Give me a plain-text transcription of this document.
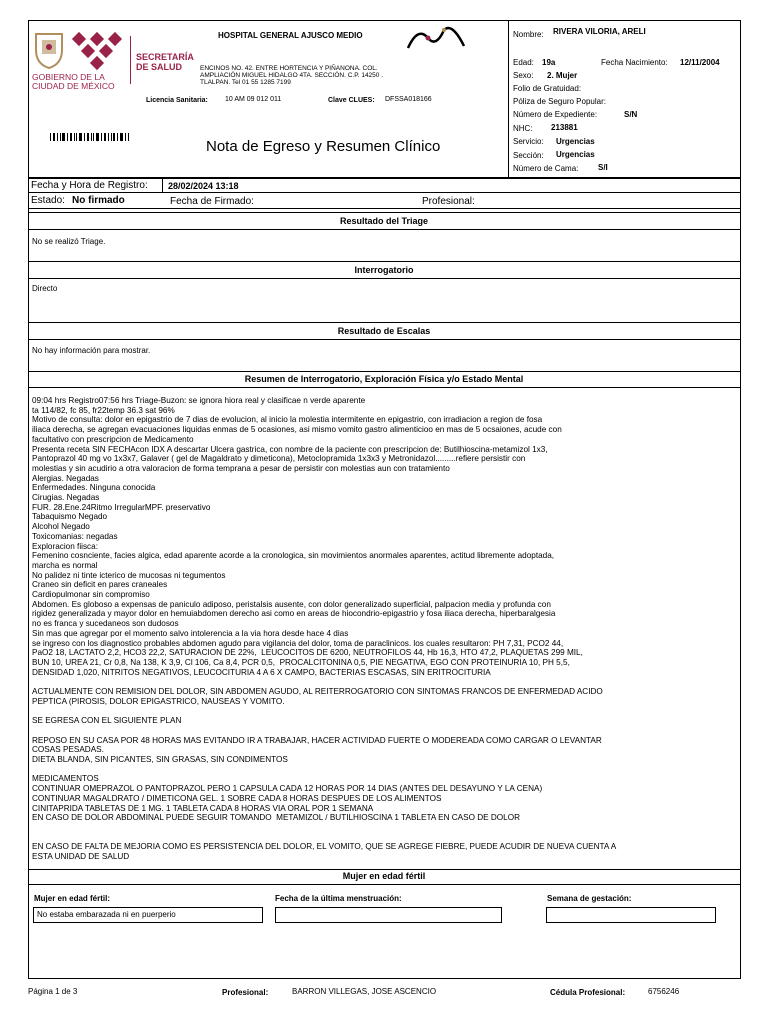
GOBIERNO DE LA
CIUDAD DE MÉXICO
SECRETARÍA
DE SALUD
HOSPITAL GENERAL AJUSCO MEDIO
ENCINOS NO. 42. ENTRE HORTENCIA Y PIÑANONA. COL.
AMPLIACIÓN MIGUEL HIDALGO 4TA. SECCIÓN. C.P. 14250 .
TLALPAN. Tel 01 55 1285 7199
Licencia Sanitaria: 10 AM 09 012 011	Clave CLUES: DFSSA018166
Nota de Egreso y Resumen Clínico
Nombre: RIVERA VILORIA, ARELI
Edad: 19a	Fecha Nacimiento: 12/11/2004
Sexo: 2. Mujer
Folio de Gratuidad:
Póliza de Seguro Popular:
Número de Expediente:	S/N
NHC: 213881
Servicio: Urgencias
Sección: Urgencias
Número de Cama: S/I
Fecha y Hora de Registro: 28/02/2024 13:18
Estado: No firmado	Fecha de Firmado:	Profesional:
Resultado del Triage
No se realizó Triage.
Interrogatorio
Directo
Resultado de Escalas
No hay información para mostrar.
Resumen de Interrogatorio, Exploración Física y/o Estado Mental
09:04 hrs Registro07:56 hrs Triage-Buzon: se ignora hiora real y clasificae n verde aparente
ta 114/82, fc 85, fr22temp 36.3 sat 96%
Motivo de consulta: dolor en epigastrio de 7 dias de evolucion, al inicio la molestia intermitente en epigastrio, con irradiacion a region de fosa
iliaca derecha, se agregan evacuaciones liquidas enmas de 5 ocasiones, asi mismo vomito gastro alimenticioo en mas de 5 ocsaiones, acude con
facultativo con prescripcion de Medicamento
Presenta receta SIN FECHAcon IDX A descartar Ulcera gastrica, con nombre de la paciente con prescripcion de: Butilhioscina-metamizol 1x3,
Pantoprazol 40 mg vo 1x3x7, Galaver ( gel de Magaldrato y dimeticona), Metoclopramida 1x3x3 y Metronidazol.........refiere persistir con
molestias y sin acudirio a otra valoracion de forma temprana a pesar de persistir con molestias aun con tratamiento
Alergias. Negadas
Enfermedades. Ninguna conocida
Cirugias. Negadas
FUR. 28.Ene.24Ritmo IrregularMPF. preservativo
Tabaquismo Negado
Alcohol Negado
Toxicomanias: negadas
Exploracion fiisca:
Femenino cosnciente, facies algica, edad aparente acorde a la cronologica, sin movimientos anormales aparentes, actitud libremente adoptada,
marcha es normal
No palidez ni tinte icterico de mucosas ni tegumentos
Craneo sin deficit en pares craneales
Cardiopulmonar sin compromiso
Abdomen. Es globoso a expensas de paniculo adiposo, peristalsis ausente, con dolor generalizado superficial, palpacion media y profunda con
rigidez generalizada y mayor dolor en hemuiabdomen derecho asi como en areas de hiocondrio-epigastrio y fosa iliaca derecha, hiperbaralgesia
no es franca y sucedaneos son dudosos
Sin mas que agregar por el momento salvo intolerencia a la via hora desde hace 4 dias
se ingreso con los diagnostico probables abdomen agudo para vigilancia del dolor, toma de paraclinicos. los cuales resultaron: PH 7,31, PCO2 44,
PaO2 18, LACTATO 2,2, HCO3 22,2, SATURACION DE 22%,  LEUCOCITOS DE 6200, NEUTROFILOS 44, Hb 16,3, HTO 47,2, PLAQUETAS 299 MIL,
BUN 10, UREA 21, Cr 0,8, Na 138, K 3,9, Cl 106, Ca 8,4, PCR 0,5,  PROCALCITONINA 0,5, PIE NEGATIVA, EGO CON PROTEINURIA 10, PH 5,5,
DENSIDAD 1,020, NITRITOS NEGATIVOS, LEUCOCITURIA 4 A 6 X CAMPO, BACTERIAS ESCASAS, SIN ERITROCITURIA

ACTUALMENTE CON REMISION DEL DOLOR, SIN ABDOMEN AGUDO, AL REITERROGATORIO CON SINTOMAS FRANCOS DE ENFERMEDAD ACIDO
PEPTICA (PIROSIS, DOLOR EPIGASTRICO, NAUSEAS Y VOMITO.

SE EGRESA CON EL SIGUIENTE PLAN

REPOSO EN SU CASA POR 48 HORAS MAS EVITANDO IR A TRABAJAR, HACER ACTIVIDAD FUERTE O MODEREADA COMO CARGAR O LEVANTAR
COSAS PESADAS.
DIETA BLANDA, SIN PICANTES, SIN GRASAS, SIN CONDIMENTOS

MEDICAMENTOS
CONTINUAR OMEPRAZOL O PANTOPRAZOL PERO 1 CAPSULA CADA 12 HORAS POR 14 DIAS (ANTES DEL DESAYUNO Y LA CENA)
CONTINUAR MAGALDRATO / DIMETICONA GEL. 1 SOBRE CADA 8 HORAS DESPUES DE LOS ALIMENTOS
CINITAPRIDA TABLETAS DE 1 MG. 1 TABLETA CADA 8 HORAS VIA ORAL POR 1 SEMANA
EN CASO DE DOLOR ABDOMINAL PUEDE SEGUIR TOMANDO  METAMIZOL / BUTILHIOSCINA 1 TABLETA EN CASO DE DOLOR

EN CASO DE FALTA DE MEJORIA COMO ES PERSISTENCIA DEL DOLOR, EL VOMITO, QUE SE AGREGE FIEBRE, PUEDE ACUDIR DE NUEVA CUENTA A
ESTA UNIDAD DE SALUD
Mujer en edad fértil
Mujer en edad fértil:
No estaba embarazada ni en puerperio
Fecha de la última menstruación:	Semana de gestación:
Página 1 de 3	Profesional:	BARRON VILLEGAS, JOSE ASCENCIO	Cédula Profesional:	6756246
